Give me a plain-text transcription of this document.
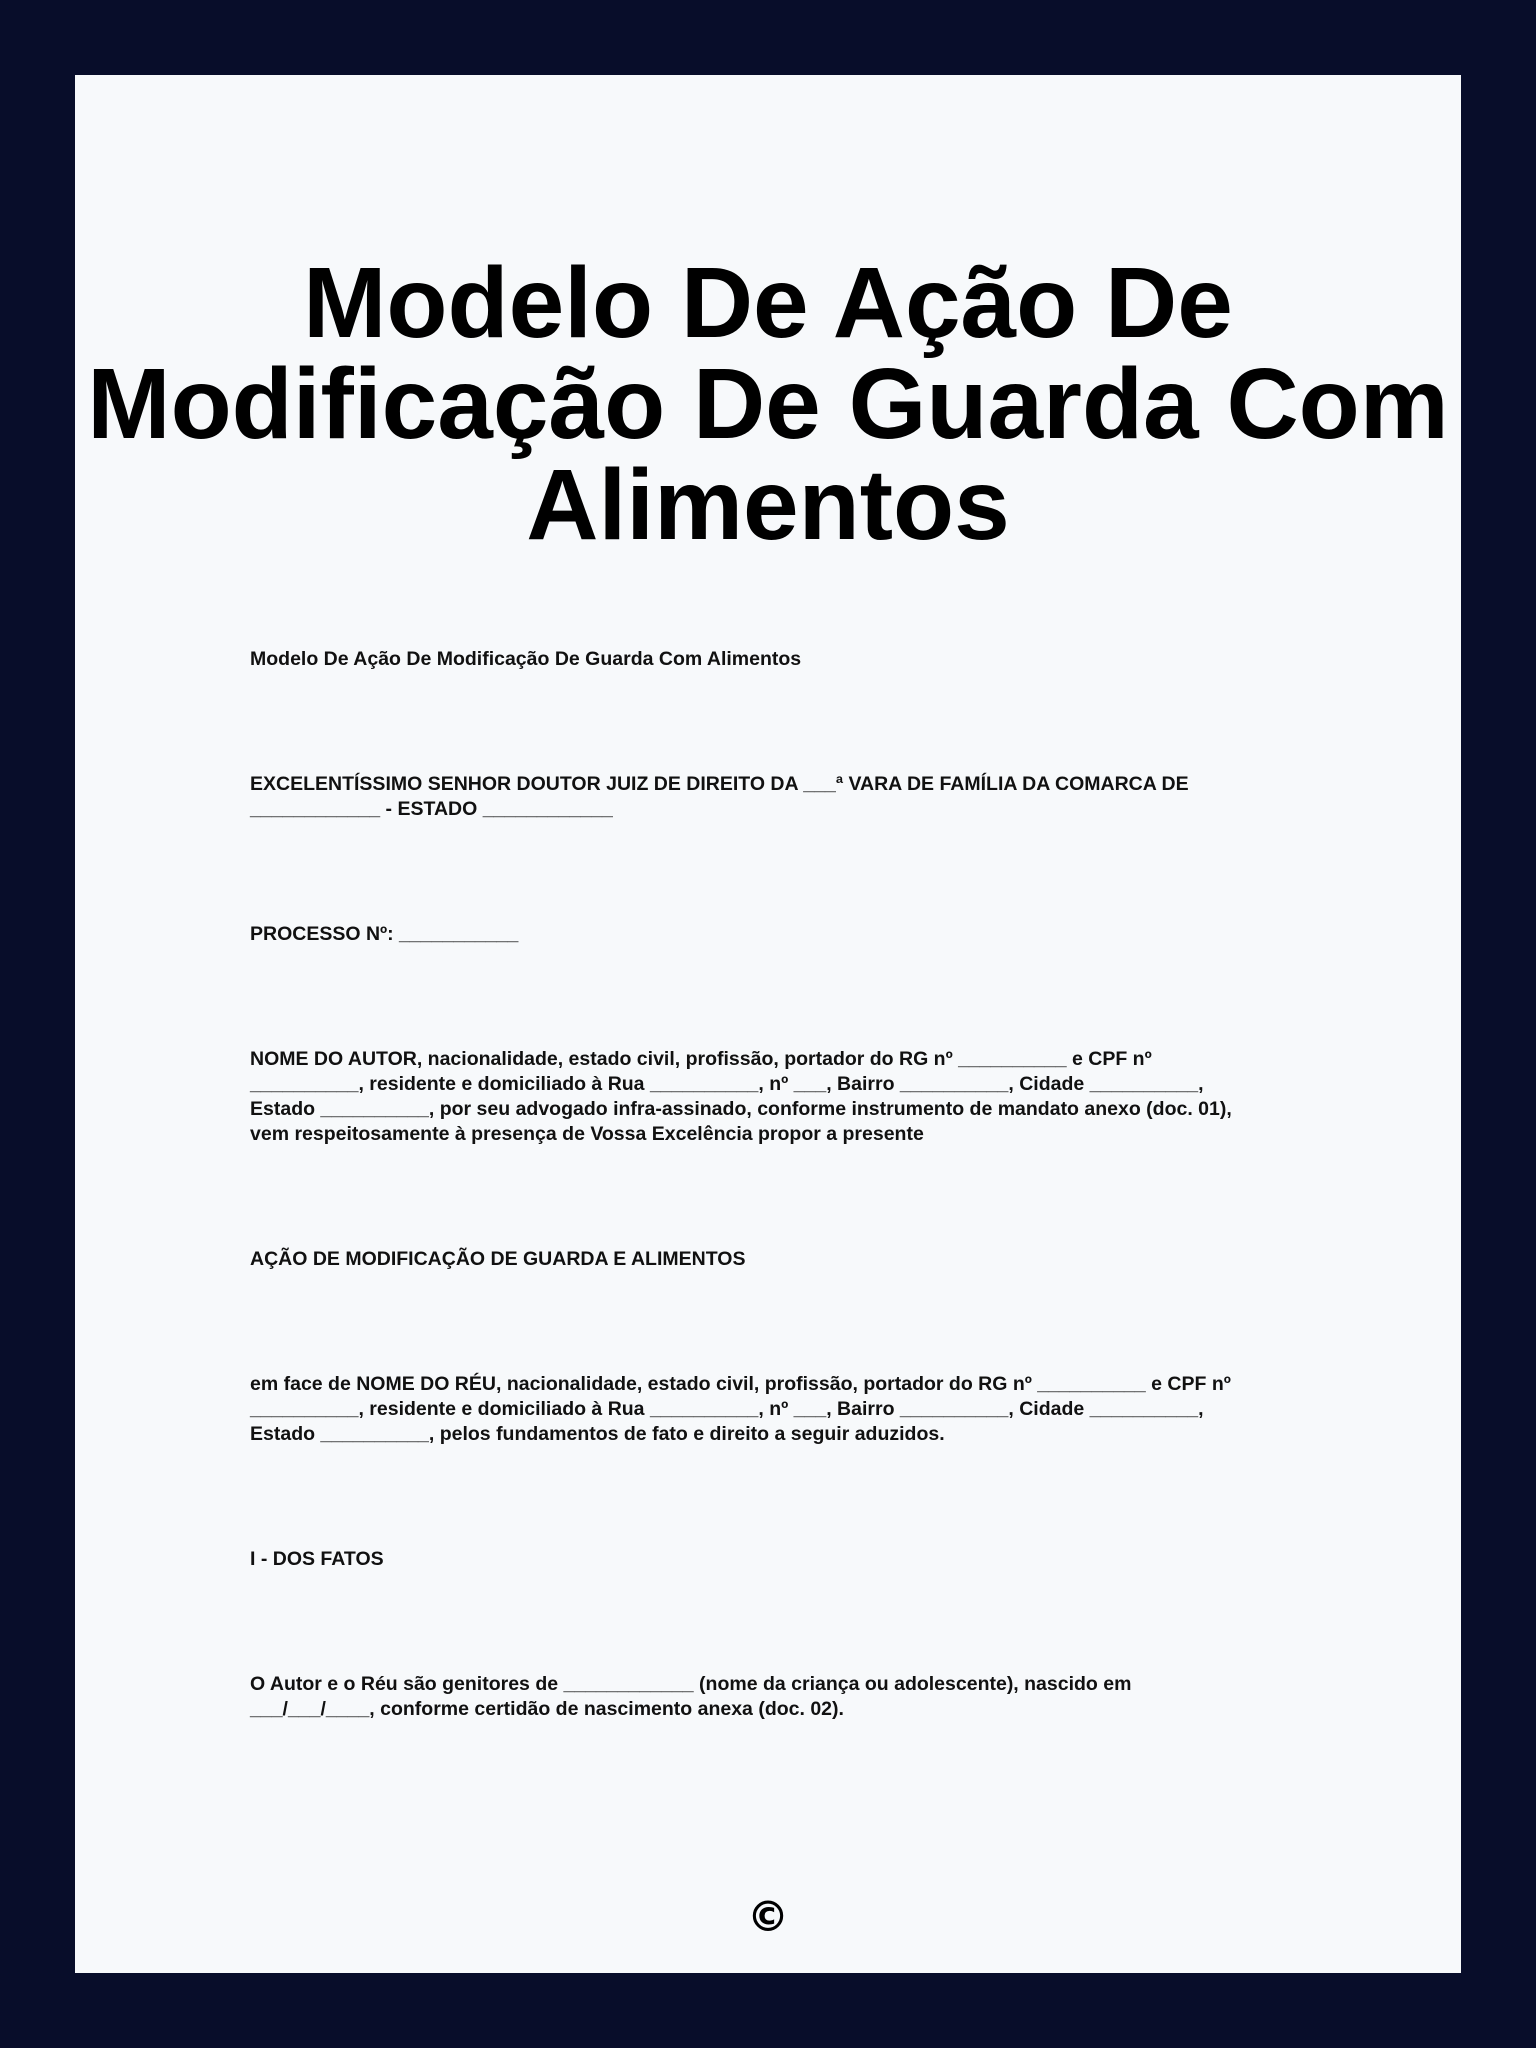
Modelo De Ação De Modificação De Guarda Com Alimentos

Modelo De Ação De Modificação De Guarda Com Alimentos

EXCELENTÍSSIMO SENHOR DOUTOR JUIZ DE DIREITO DA ___ª VARA DE FAMÍLIA DA COMARCA DE
____________ - ESTADO ____________

PROCESSO Nº: ___________

NOME DO AUTOR, nacionalidade, estado civil, profissão, portador do RG nº __________ e CPF nº
__________, residente e domiciliado à Rua __________, nº ___, Bairro __________, Cidade __________,
Estado __________, por seu advogado infra-assinado, conforme instrumento de mandato anexo (doc. 01),
vem respeitosamente à presença de Vossa Excelência propor a presente

AÇÃO DE MODIFICAÇÃO DE GUARDA E ALIMENTOS

em face de NOME DO RÉU, nacionalidade, estado civil, profissão, portador do RG nº __________ e CPF nº
__________, residente e domiciliado à Rua __________, nº ___, Bairro __________, Cidade __________,
Estado __________, pelos fundamentos de fato e direito a seguir aduzidos.

I - DOS FATOS

O Autor e o Réu são genitores de ____________ (nome da criança ou adolescente), nascido em
___/___/____, conforme certidão de nascimento anexa (doc. 02).

©
